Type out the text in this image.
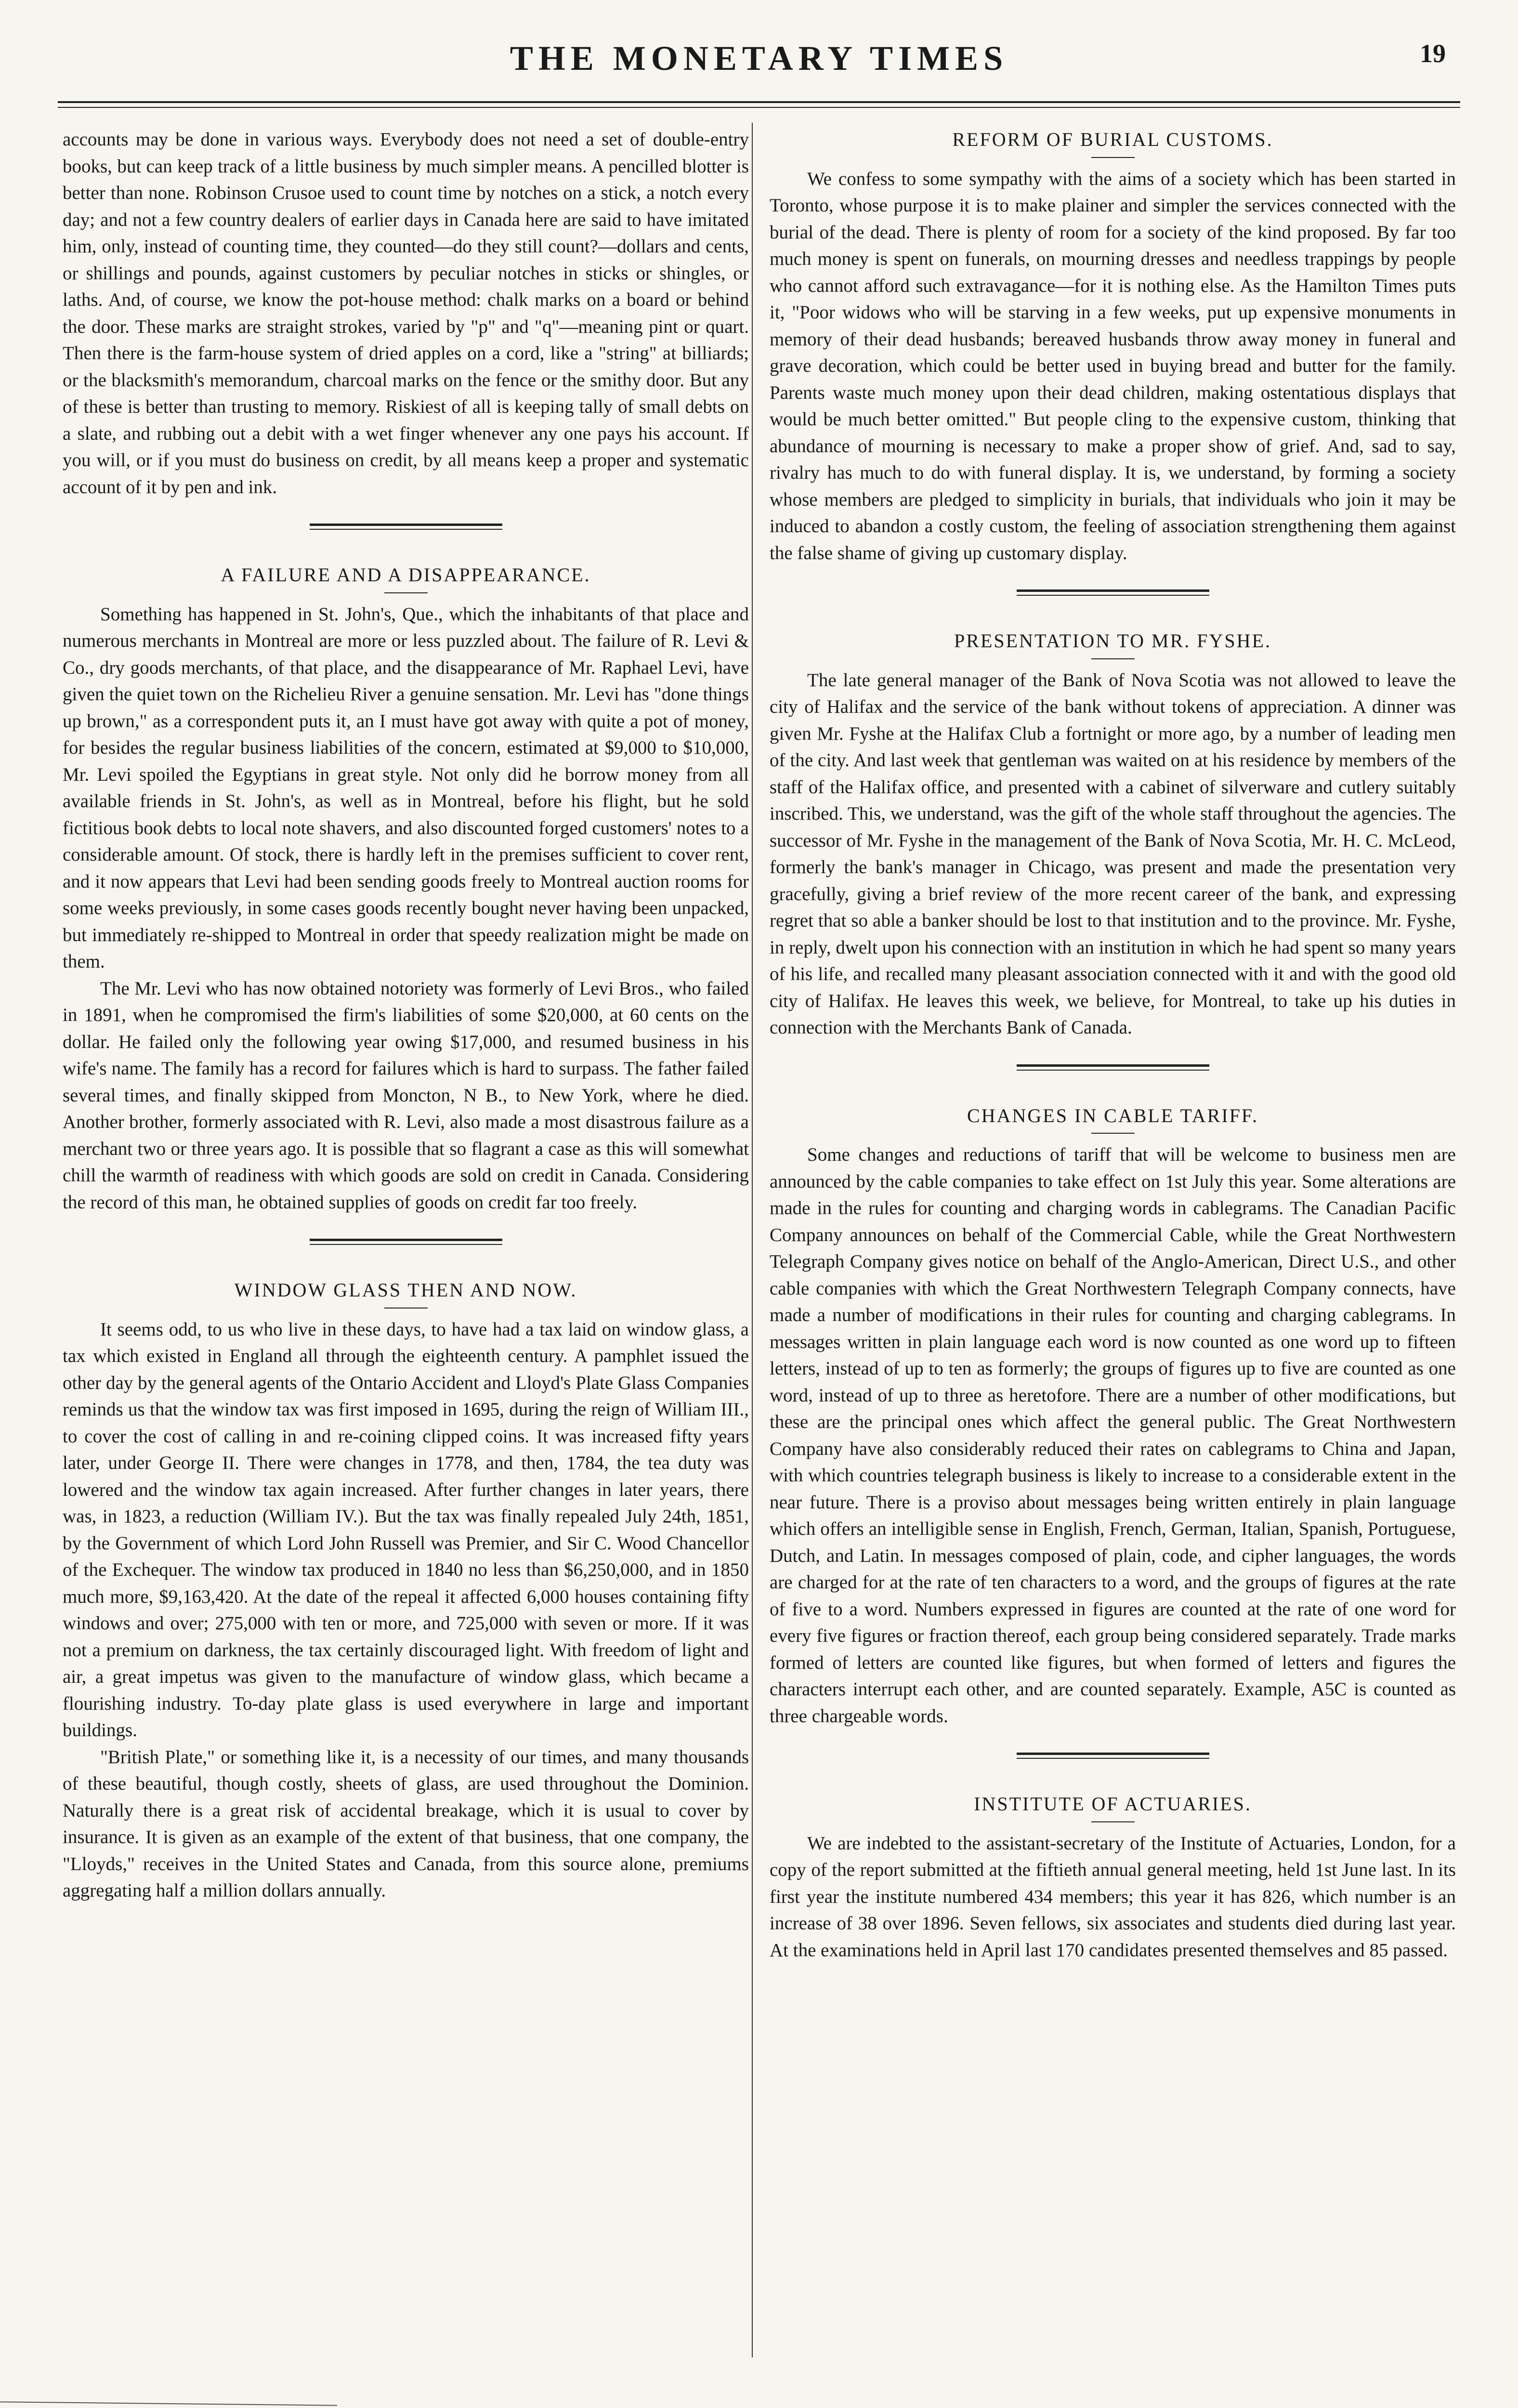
THE MONETARY TIMES	19

accounts may be done in various ways. Everybody does not need a set of double-entry books, but can keep track of a little business by much simpler means. A pencilled blotter is better than none. Robinson Crusoe used to count time by notches on a stick, a notch every day; and not a few country dealers of earlier days in Canada here are said to have imitated him, only, instead of counting time, they counted—do they still count?—dollars and cents, or shillings and pounds, against customers by peculiar notches in sticks or shingles, or laths. And, of course, we know the pot-house method: chalk marks on a board or behind the door. These marks are straight strokes, varied by "p" and "q"—meaning pint or quart. Then there is the farm-house system of dried apples on a cord, like a "string" at billiards; or the blacksmith's memorandum, charcoal marks on the fence or the smithy door. But any of these is better than trusting to memory. Riskiest of all is keeping tally of small debts on a slate, and rubbing out a debit with a wet finger whenever any one pays his account. If you will, or if you must do business on credit, by all means keep a proper and systematic account of it by pen and ink.

A FAILURE AND A DISAPPEARANCE.

Something has happened in St. John's, Que., which the inhabitants of that place and numerous merchants in Montreal are more or less puzzled about. The failure of R. Levi & Co., dry goods merchants, of that place, and the disappearance of Mr. Raphael Levi, have given the quiet town on the Richelieu River a genuine sensation. Mr. Levi has "done things up brown," as a correspondent puts it, an I must have got away with quite a pot of money, for besides the regular business liabilities of the concern, estimated at $9,000 to $10,000, Mr. Levi spoiled the Egyptians in great style. Not only did he borrow money from all available friends in St. John's, as well as in Montreal, before his flight, but he sold fictitious book debts to local note shavers, and also discounted forged customers' notes to a considerable amount. Of stock, there is hardly left in the premises sufficient to cover rent, and it now appears that Levi had been sending goods freely to Montreal auction rooms for some weeks previously, in some cases goods recently bought never having been unpacked, but immediately re-shipped to Montreal in order that speedy realization might be made on them.

The Mr. Levi who has now obtained notoriety was formerly of Levi Bros., who failed in 1891, when he compromised the firm's liabilities of some $20,000, at 60 cents on the dollar. He failed only the following year owing $17,000, and resumed business in his wife's name. The family has a record for failures which is hard to surpass. The father failed several times, and finally skipped from Moncton, N B., to New York, where he died. Another brother, formerly associated with R. Levi, also made a most disastrous failure as a merchant two or three years ago. It is possible that so flagrant a case as this will somewhat chill the warmth of readiness with which goods are sold on credit in Canada. Considering the record of this man, he obtained supplies of goods on credit far too freely.

WINDOW GLASS THEN AND NOW.

It seems odd, to us who live in these days, to have had a tax laid on window glass, a tax which existed in England all through the eighteenth century. A pamphlet issued the other day by the general agents of the Ontario Accident and Lloyd's Plate Glass Companies reminds us that the window tax was first imposed in 1695, during the reign of William III., to cover the cost of calling in and re-coining clipped coins. It was increased fifty years later, under George II. There were changes in 1778, and then, 1784, the tea duty was lowered and the window tax again increased. After further changes in later years, there was, in 1823, a reduction (William IV.). But the tax was finally repealed July 24th, 1851, by the Government of which Lord John Russell was Premier, and Sir C. Wood Chancellor of the Exchequer. The window tax produced in 1840 no less than $6,250,000, and in 1850 much more, $9,163,420. At the date of the repeal it affected 6,000 houses containing fifty windows and over; 275,000 with ten or more, and 725,000 with seven or more. If it was not a premium on darkness, the tax certainly discouraged light. With freedom of light and air, a great impetus was given to the manufacture of window glass, which became a flourishing industry. To-day plate glass is used everywhere in large and important buildings.

"British Plate," or something like it, is a necessity of our times, and many thousands of these beautiful, though costly, sheets of glass, are used throughout the Dominion. Naturally there is a great risk of accidental breakage, which it is usual to cover by insurance. It is given as an example of the extent of that business, that one company, the "Lloyds," receives in the United States and Canada, from this source alone, premiums aggregating half a million dollars annually.

REFORM OF BURIAL CUSTOMS.

We confess to some sympathy with the aims of a society which has been started in Toronto, whose purpose it is to make plainer and simpler the services connected with the burial of the dead. There is plenty of room for a society of the kind proposed. By far too much money is spent on funerals, on mourning dresses and needless trappings by people who cannot afford such extravagance—for it is nothing else. As the Hamilton Times puts it, "Poor widows who will be starving in a few weeks, put up expensive monuments in memory of their dead husbands; bereaved husbands throw away money in funeral and grave decoration, which could be better used in buying bread and butter for the family. Parents waste much money upon their dead children, making ostentatious displays that would be much better omitted." But people cling to the expensive custom, thinking that abundance of mourning is necessary to make a proper show of grief. And, sad to say, rivalry has much to do with funeral display. It is, we understand, by forming a society whose members are pledged to simplicity in burials, that individuals who join it may be induced to abandon a costly custom, the feeling of association strengthening them against the false shame of giving up customary display.

PRESENTATION TO MR. FYSHE.

The late general manager of the Bank of Nova Scotia was not allowed to leave the city of Halifax and the service of the bank without tokens of appreciation. A dinner was given Mr. Fyshe at the Halifax Club a fortnight or more ago, by a number of leading men of the city. And last week that gentleman was waited on at his residence by members of the staff of the Halifax office, and presented with a cabinet of silverware and cutlery suitably inscribed. This, we understand, was the gift of the whole staff throughout the agencies. The successor of Mr. Fyshe in the management of the Bank of Nova Scotia, Mr. H. C. McLeod, formerly the bank's manager in Chicago, was present and made the presentation very gracefully, giving a brief review of the more recent career of the bank, and expressing regret that so able a banker should be lost to that institution and to the province. Mr. Fyshe, in reply, dwelt upon his connection with an institution in which he had spent so many years of his life, and recalled many pleasant association connected with it and with the good old city of Halifax. He leaves this week, we believe, for Montreal, to take up his duties in connection with the Merchants Bank of Canada.

CHANGES IN CABLE TARIFF.

Some changes and reductions of tariff that will be welcome to business men are announced by the cable companies to take effect on 1st July this year. Some alterations are made in the rules for counting and charging words in cablegrams. The Canadian Pacific Company announces on behalf of the Commercial Cable, while the Great Northwestern Telegraph Company gives notice on behalf of the Anglo-American, Direct U.S., and other cable companies with which the Great Northwestern Telegraph Company connects, have made a number of modifications in their rules for counting and charging cablegrams. In messages written in plain language each word is now counted as one word up to fifteen letters, instead of up to ten as formerly; the groups of figures up to five are counted as one word, instead of up to three as heretofore. There are a number of other modifications, but these are the principal ones which affect the general public. The Great Northwestern Company have also considerably reduced their rates on cablegrams to China and Japan, with which countries telegraph business is likely to increase to a considerable extent in the near future. There is a proviso about messages being written entirely in plain language which offers an intelligible sense in English, French, German, Italian, Spanish, Portuguese, Dutch, and Latin. In messages composed of plain, code, and cipher languages, the words are charged for at the rate of ten characters to a word, and the groups of figures at the rate of five to a word. Numbers expressed in figures are counted at the rate of one word for every five figures or fraction thereof, each group being considered separately. Trade marks formed of letters are counted like figures, but when formed of letters and figures the characters interrupt each other, and are counted separately. Example, A5C is counted as three chargeable words.

INSTITUTE OF ACTUARIES.

We are indebted to the assistant-secretary of the Institute of Actuaries, London, for a copy of the report submitted at the fiftieth annual general meeting, held 1st June last. In its first year the institute numbered 434 members; this year it has 826, which number is an increase of 38 over 1896. Seven fellows, six associates and students died during last year. At the examinations held in April last 170 candidates presented themselves and 85 passed.
